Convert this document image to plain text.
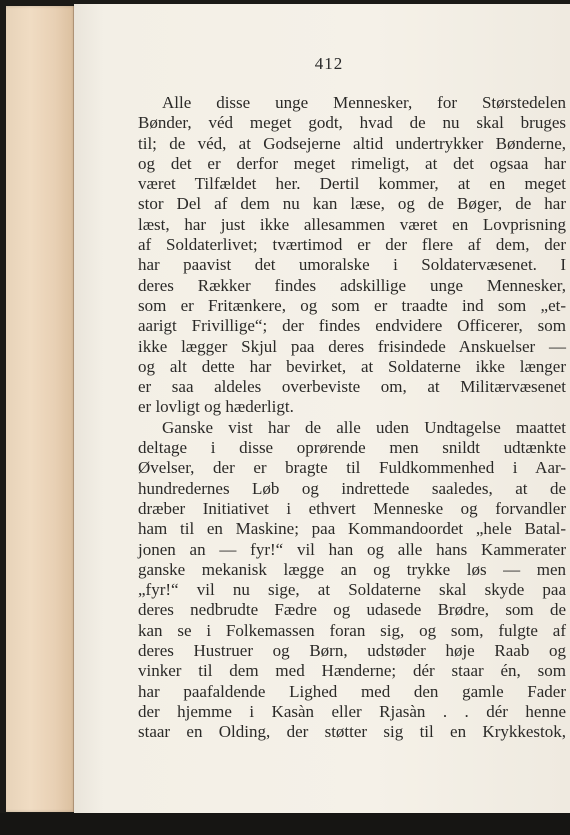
412
Alle disse unge Mennesker, for Størstedelen
Bønder, véd meget godt, hvad de nu skal bruges
til; de véd, at Godsejerne altid undertrykker Bønderne,
og det er derfor meget rimeligt, at det ogsaa har
været Tilfældet her. Dertil kommer, at en meget
stor Del af dem nu kan læse, og de Bøger, de har
læst, har just ikke allesammen været en Lovprisning
af Soldaterlivet; tværtimod er der flere af dem, der
har paavist det umoralske i Soldatervæsenet. I
deres Rækker findes adskillige unge Mennesker,
som er Fritænkere, og som er traadte ind som „et-
aarigt Frivillige“; der findes endvidere Officerer, som
ikke lægger Skjul paa deres frisindede Anskuelser —
og alt dette har bevirket, at Soldaterne ikke længer
er saa aldeles overbeviste om, at Militærvæsenet
er lovligt og hæderligt.
Ganske vist har de alle uden Undtagelse maattet
deltage i disse oprørende men snildt udtænkte
Øvelser, der er bragte til Fuldkommenhed i Aar-
hundredernes Løb og indrettede saaledes, at de
dræber Initiativet i ethvert Menneske og forvandler
ham til en Maskine; paa Kommandoordet „hele Batal-
jonen an — fyr!“ vil han og alle hans Kammerater
ganske mekanisk lægge an og trykke løs — men
„fyr!“ vil nu sige, at Soldaterne skal skyde paa
deres nedbrudte Fædre og udasede Brødre, som de
kan se i Folkemassen foran sig, og som, fulgte af
deres Hustruer og Børn, udstøder høje Raab og
vinker til dem med Hænderne; dér staar én, som
har paafaldende Lighed med den gamle Fader
der hjemme i Kasàn eller Rjasàn . . dér henne
staar en Olding, der støtter sig til en Krykkestok,
